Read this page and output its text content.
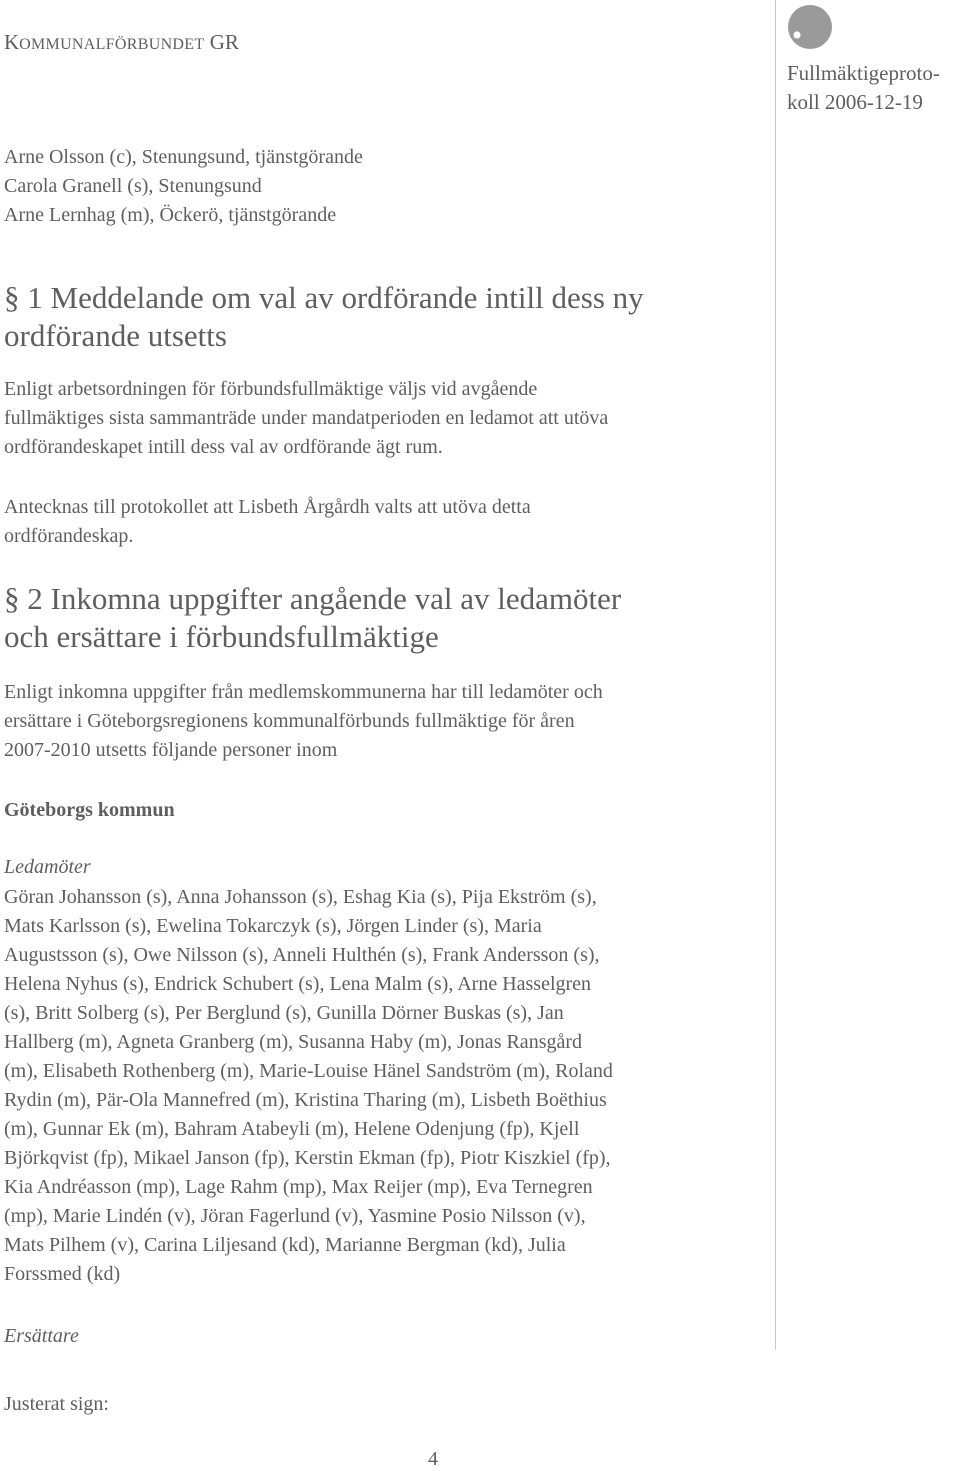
KOMMUNALFÖRBUNDET GR
Fullmäktigeproto-
koll 2006-12-19
Arne Olsson (c), Stenungsund, tjänstgörande
Carola Granell (s), Stenungsund
Arne Lernhag (m), Öckerö, tjänstgörande
§ 1 Meddelande om val av ordförande intill dess ny
ordförande utsetts
Enligt arbetsordningen för förbundsfullmäktige väljs vid avgående
fullmäktiges sista sammanträde under mandatperioden en ledamot att utöva
ordförandeskapet intill dess val av ordförande ägt rum.
Antecknas till protokollet att Lisbeth Årgårdh valts att utöva detta
ordförandeskap.
§ 2 Inkomna uppgifter angående val av ledamöter
och ersättare i förbundsfullmäktige
Enligt inkomna uppgifter från medlemskommunerna har till ledamöter och
ersättare i Göteborgsregionens kommunalförbunds fullmäktige för åren
2007-2010 utsetts följande personer inom
Göteborgs kommun
Ledamöter
Göran Johansson (s), Anna Johansson (s), Eshag Kia (s), Pija Ekström (s),
Mats Karlsson (s), Ewelina Tokarczyk (s), Jörgen Linder (s), Maria
Augustsson (s), Owe Nilsson (s), Anneli Hulthén (s), Frank Andersson (s),
Helena Nyhus (s), Endrick Schubert (s), Lena Malm (s), Arne Hasselgren
(s), Britt Solberg (s), Per Berglund (s), Gunilla Dörner Buskas (s), Jan
Hallberg (m), Agneta Granberg (m), Susanna Haby (m), Jonas Ransgård
(m), Elisabeth Rothenberg (m), Marie-Louise Hänel Sandström (m), Roland
Rydin (m), Pär-Ola Mannefred (m), Kristina Tharing (m), Lisbeth Boëthius
(m), Gunnar Ek (m), Bahram Atabeyli (m), Helene Odenjung (fp), Kjell
Björkqvist (fp), Mikael Janson (fp), Kerstin Ekman (fp), Piotr Kiszkiel (fp),
Kia Andréasson (mp), Lage Rahm (mp), Max Reijer (mp), Eva Ternegren
(mp), Marie Lindén (v), Jöran Fagerlund (v), Yasmine Posio Nilsson (v),
Mats Pilhem (v), Carina Liljesand (kd), Marianne Bergman (kd), Julia
Forssmed (kd)
Ersättare
Justerat sign:
4
